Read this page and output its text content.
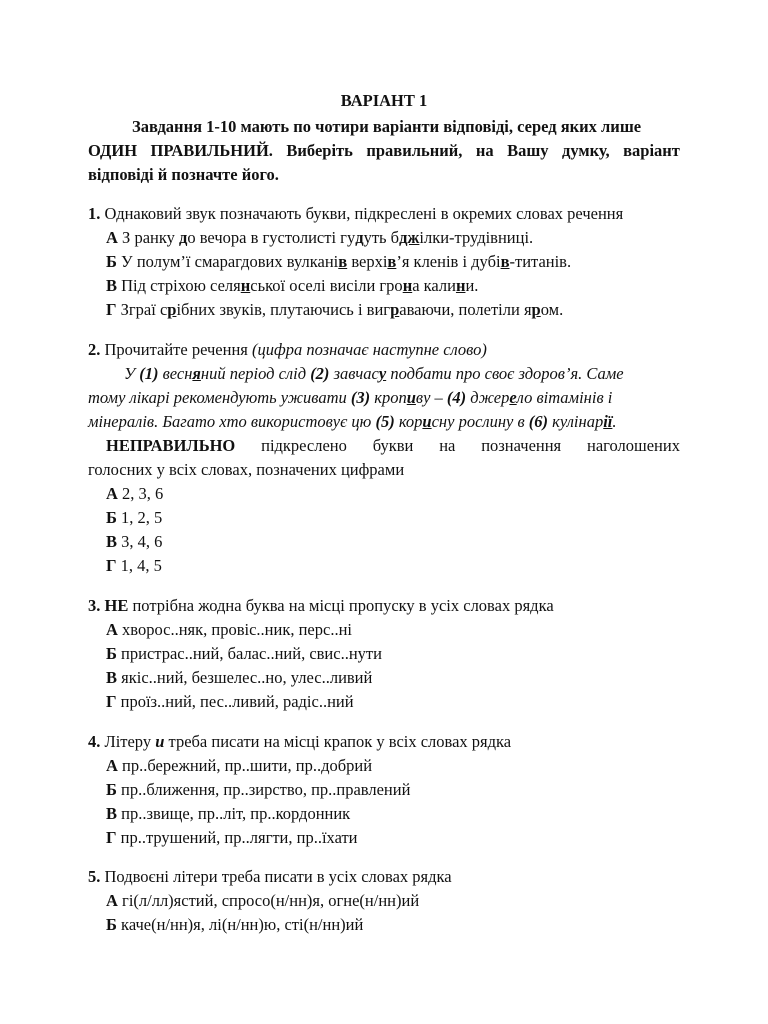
ВАРІАНТ 1
Завдання 1-10 мають по чотири варіанти відповіді, серед яких лише
ОДИН ПРАВИЛЬНИЙ. Виберіть правильний, на Вашу думку, варіант
відповіді й позначте його.
1. Однаковий звук позначають букви, підкреслені в окремих словах речення
А З ранку до вечора в густолисті гудуть бджілки-трудівниці.
Б У полум’ї смарагдових вулканів верхів’я кленів і дубів-титанів.
В Під стріхою селянської оселі висіли грона калини.
Г Зграї срібних звуків, плутаючись і виграваючи, полетіли яром.
2. Прочитайте речення (цифра позначає наступне слово)
У (1) весняний період слід (2) завчасу подбати про своє здоров’я. Саме
тому лікарі рекомендують уживати (3) кропиву – (4) джерело вітамінів і
мінералів. Багато хто використовує цю (5) корисну рослину в (6) кулінарії.
НЕПРАВИЛЬНО підкреслено букви на позначення наголошених
голосних у всіх словах, позначених цифрами
А 2, 3, 6
Б 1, 2, 5
В 3, 4, 6
Г 1, 4, 5
3. НЕ потрібна жодна буква на місці пропуску в усіх словах рядка
А хворос..няк, провіс..ник, перс..ні
Б пристрас..ний, балас..ний, свис..нути
В якіс..ний, безшелес..но, улес..ливий
Г проїз..ний, пес..ливий, радіс..ний
4. Літеру и треба писати на місці крапок у всіх словах рядка
А пр..бережний, пр..шити, пр..добрий
Б пр..ближення, пр..зирство, пр..правлений
В пр..звище, пр..літ, пр..кордонник
Г пр..трушений, пр..лягти, пр..їхати
5. Подвоєні літери треба писати в усіх словах рядка
А гі(л/лл)ястий, спросо(н/нн)я, огне(н/нн)ий
Б каче(н/нн)я, лі(н/нн)ю, сті(н/нн)ий
